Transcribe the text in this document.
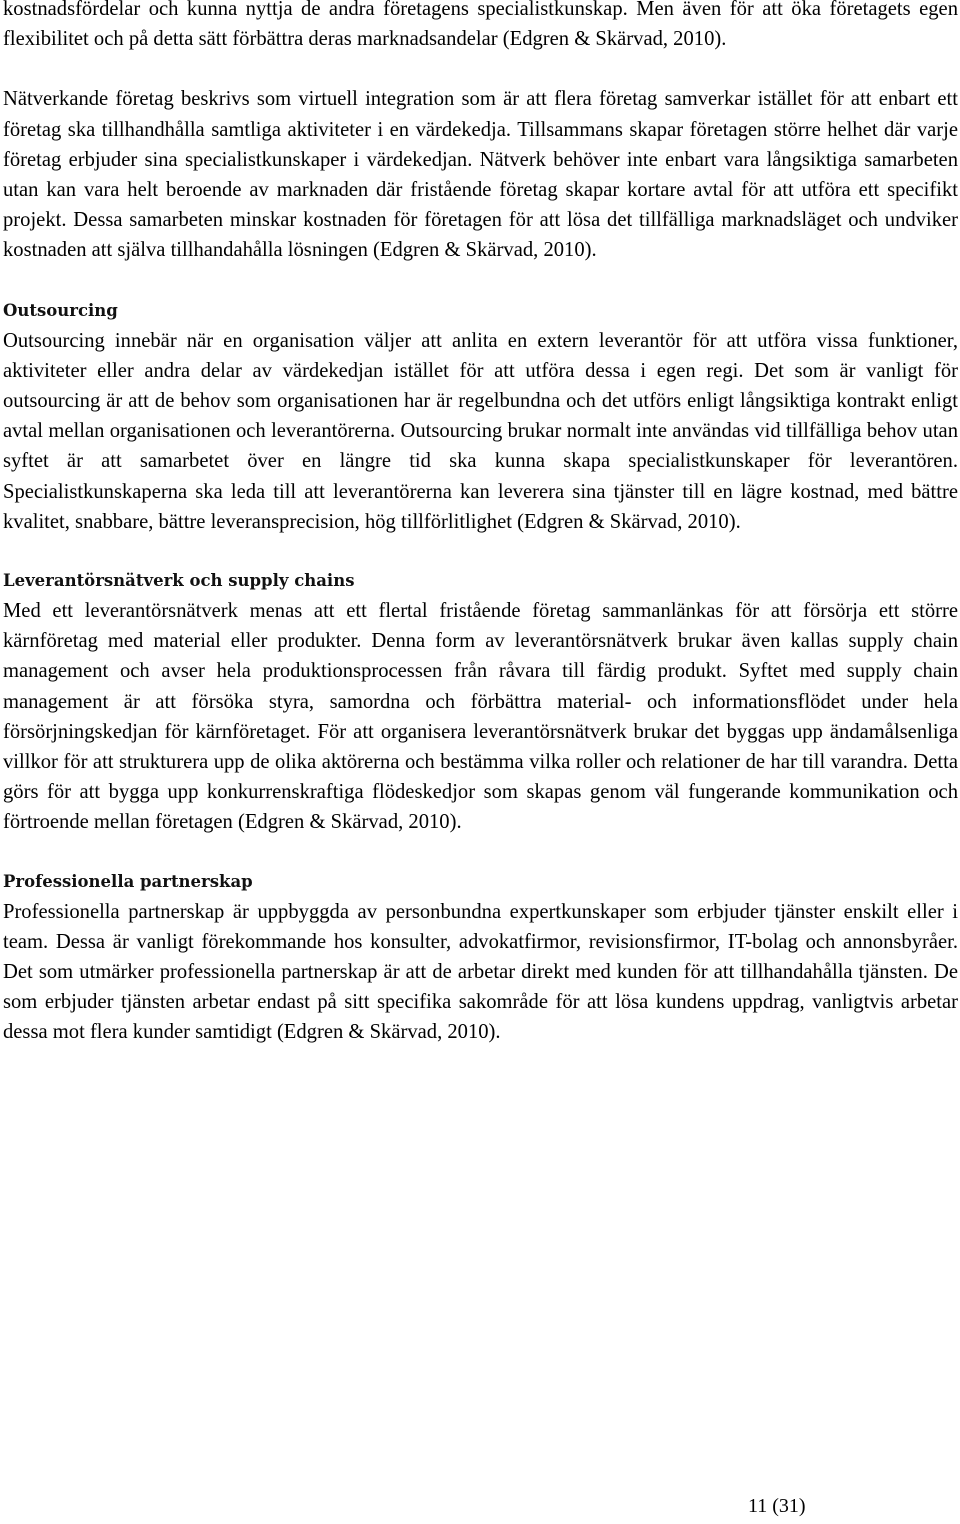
kostnadsfördelar och kunna nyttja de andra företagens specialistkunskap. Men även för att öka företagets egen flexibilitet och på detta sätt förbättra deras marknadsandelar (Edgren & Skärvad, 2010).

Nätverkande företag beskrivs som virtuell integration som är att flera företag samverkar istället för att enbart ett företag ska tillhandhålla samtliga aktiviteter i en värdekedja. Tillsammans skapar företagen större helhet där varje företag erbjuder sina specialistkunskaper i värdekedjan. Nätverk behöver inte enbart vara långsiktiga samarbeten utan kan vara helt beroende av marknaden där fristående företag skapar kortare avtal för att utföra ett specifikt projekt. Dessa samarbeten minskar kostnaden för företagen för att lösa det tillfälliga marknadsläget och undviker kostnaden att själva tillhandahålla lösningen (Edgren & Skärvad, 2010).

Outsourcing

Outsourcing innebär när en organisation väljer att anlita en extern leverantör för att utföra vissa funktioner, aktiviteter eller andra delar av värdekedjan istället för att utföra dessa i egen regi. Det som är vanligt för outsourcing är att de behov som organisationen har är regelbundna och det utförs enligt långsiktiga kontrakt enligt avtal mellan organisationen och leverantörerna. Outsourcing brukar normalt inte användas vid tillfälliga behov utan syftet är att samarbetet över en längre tid ska kunna skapa specialistkunskaper för leverantören. Specialistkunskaperna ska leda till att leverantörerna kan leverera sina tjänster till en lägre kostnad, med bättre kvalitet, snabbare, bättre leveransprecision, hög tillförlitlighet (Edgren & Skärvad, 2010).

Leverantörsnätverk och supply chains

Med ett leverantörsnätverk menas att ett flertal fristående företag sammanlänkas för att försörja ett större kärnföretag med material eller produkter. Denna form av leverantörsnätverk brukar även kallas supply chain management och avser hela produktionsprocessen från råvara till färdig produkt. Syftet med supply chain management är att försöka styra, samordna och förbättra material- och informationsflödet under hela försörjningskedjan för kärnföretaget. För att organisera leverantörsnätverk brukar det byggas upp ändamålsenliga villkor för att strukturera upp de olika aktörerna och bestämma vilka roller och relationer de har till varandra. Detta görs för att bygga upp konkurrenskraftiga flödeskedjor som skapas genom väl fungerande kommunikation och förtroende mellan företagen (Edgren & Skärvad, 2010).

Professionella partnerskap

Professionella partnerskap är uppbyggda av personbundna expertkunskaper som erbjuder tjänster enskilt eller i team. Dessa är vanligt förekommande hos konsulter, advokatfirmor, revisionsfirmor, IT-bolag och annonsbyråer. Det som utmärker professionella partnerskap är att de arbetar direkt med kunden för att tillhandahålla tjänsten. De som erbjuder tjänsten arbetar endast på sitt specifika sakområde för att lösa kundens uppdrag, vanligtvis arbetar dessa mot flera kunder samtidigt (Edgren & Skärvad, 2010).

11 (31)
